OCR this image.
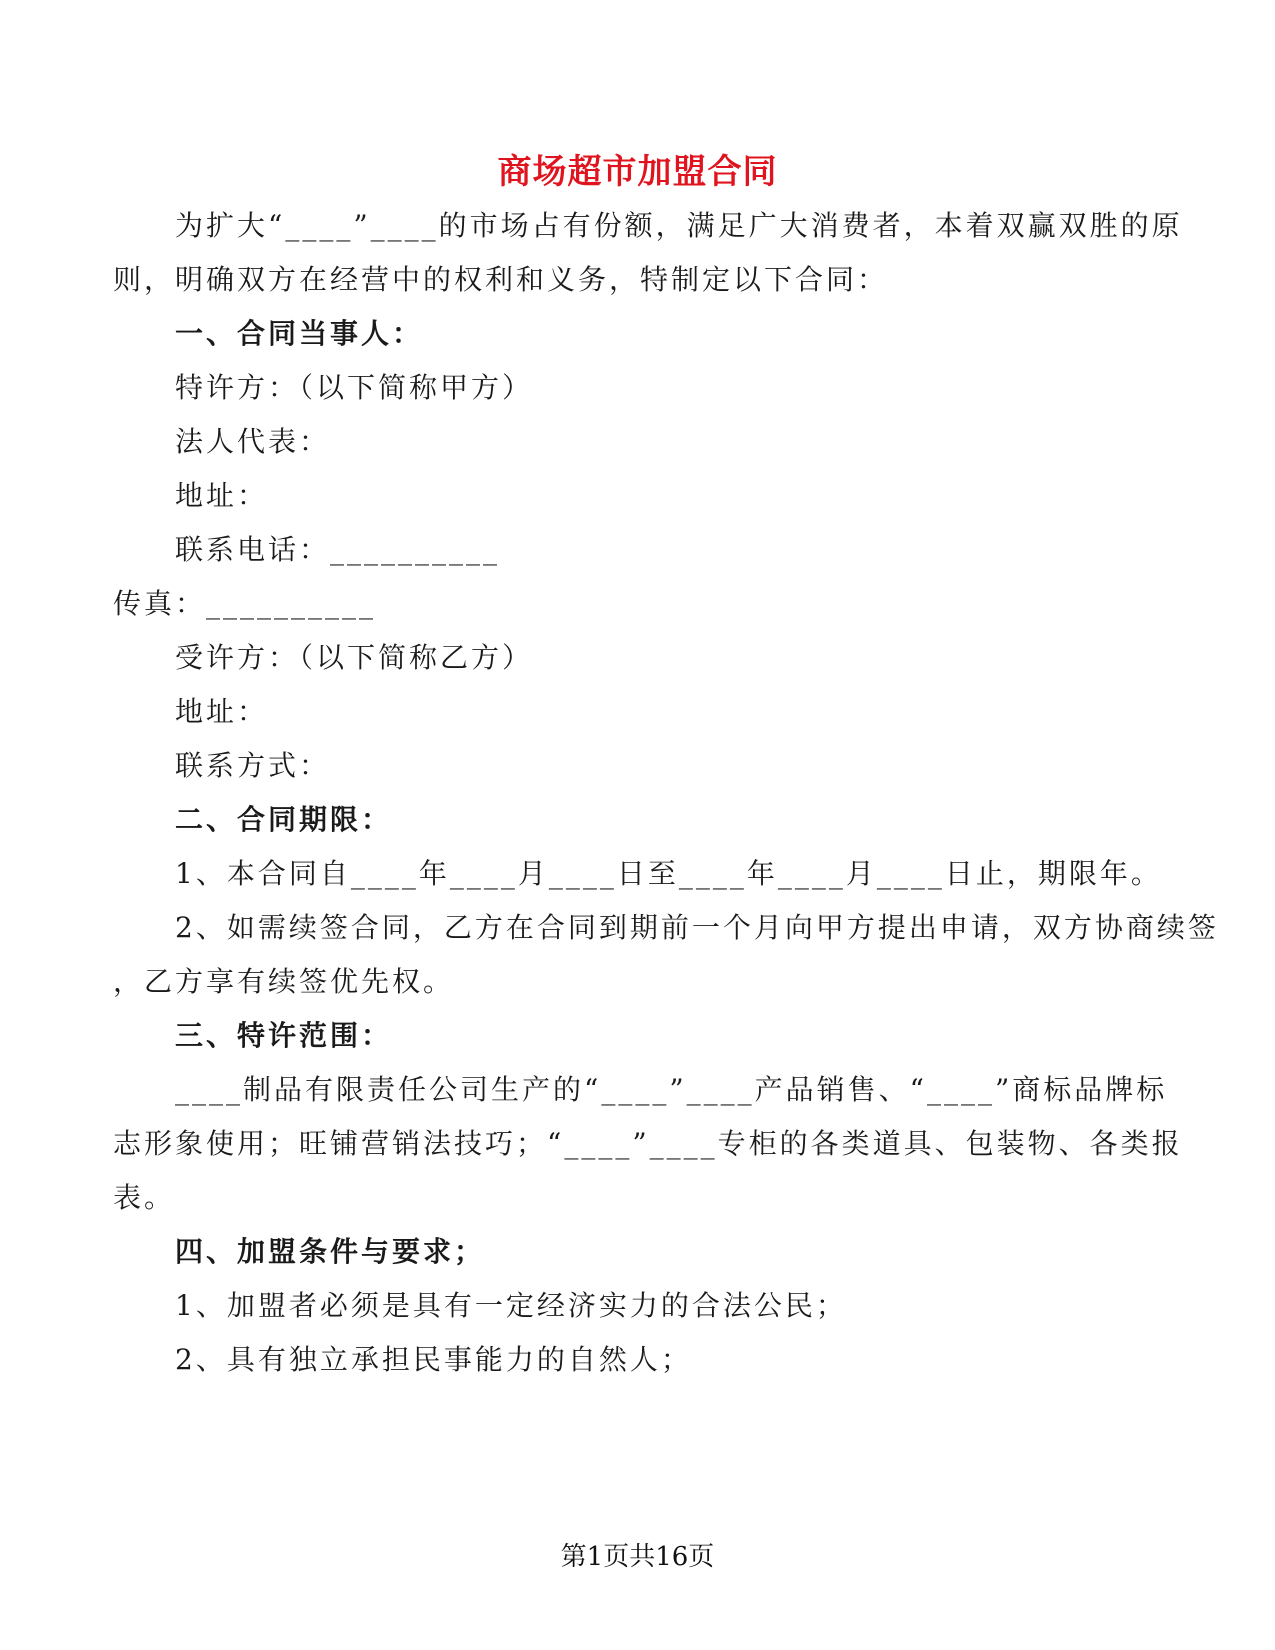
商场超市加盟合同
为扩大“____”____的市场占有份额，满足广大消费者，本着双赢双胜的原
则，明确双方在经营中的权利和义务，特制定以下合同：
一、合同当事人：
特许方：（以下简称甲方）
法人代表：
地址：
联系电话：__________
传真：__________
受许方：（以下简称乙方）
地址：
联系方式：
二、合同期限：
1、本合同自____年____月____日至____年____月____日止，期限年。
2、如需续签合同，乙方在合同到期前一个月向甲方提出申请，双方协商续签
，乙方享有续签优先权。
三、特许范围：
____制品有限责任公司生产的“____”____产品销售、“____”商标品牌标
志形象使用；旺铺营销法技巧；“____”____专柜的各类道具、包装物、各类报
表。
四、加盟条件与要求；
1、加盟者必须是具有一定经济实力的合法公民；
2、具有独立承担民事能力的自然人；
第1页共16页
